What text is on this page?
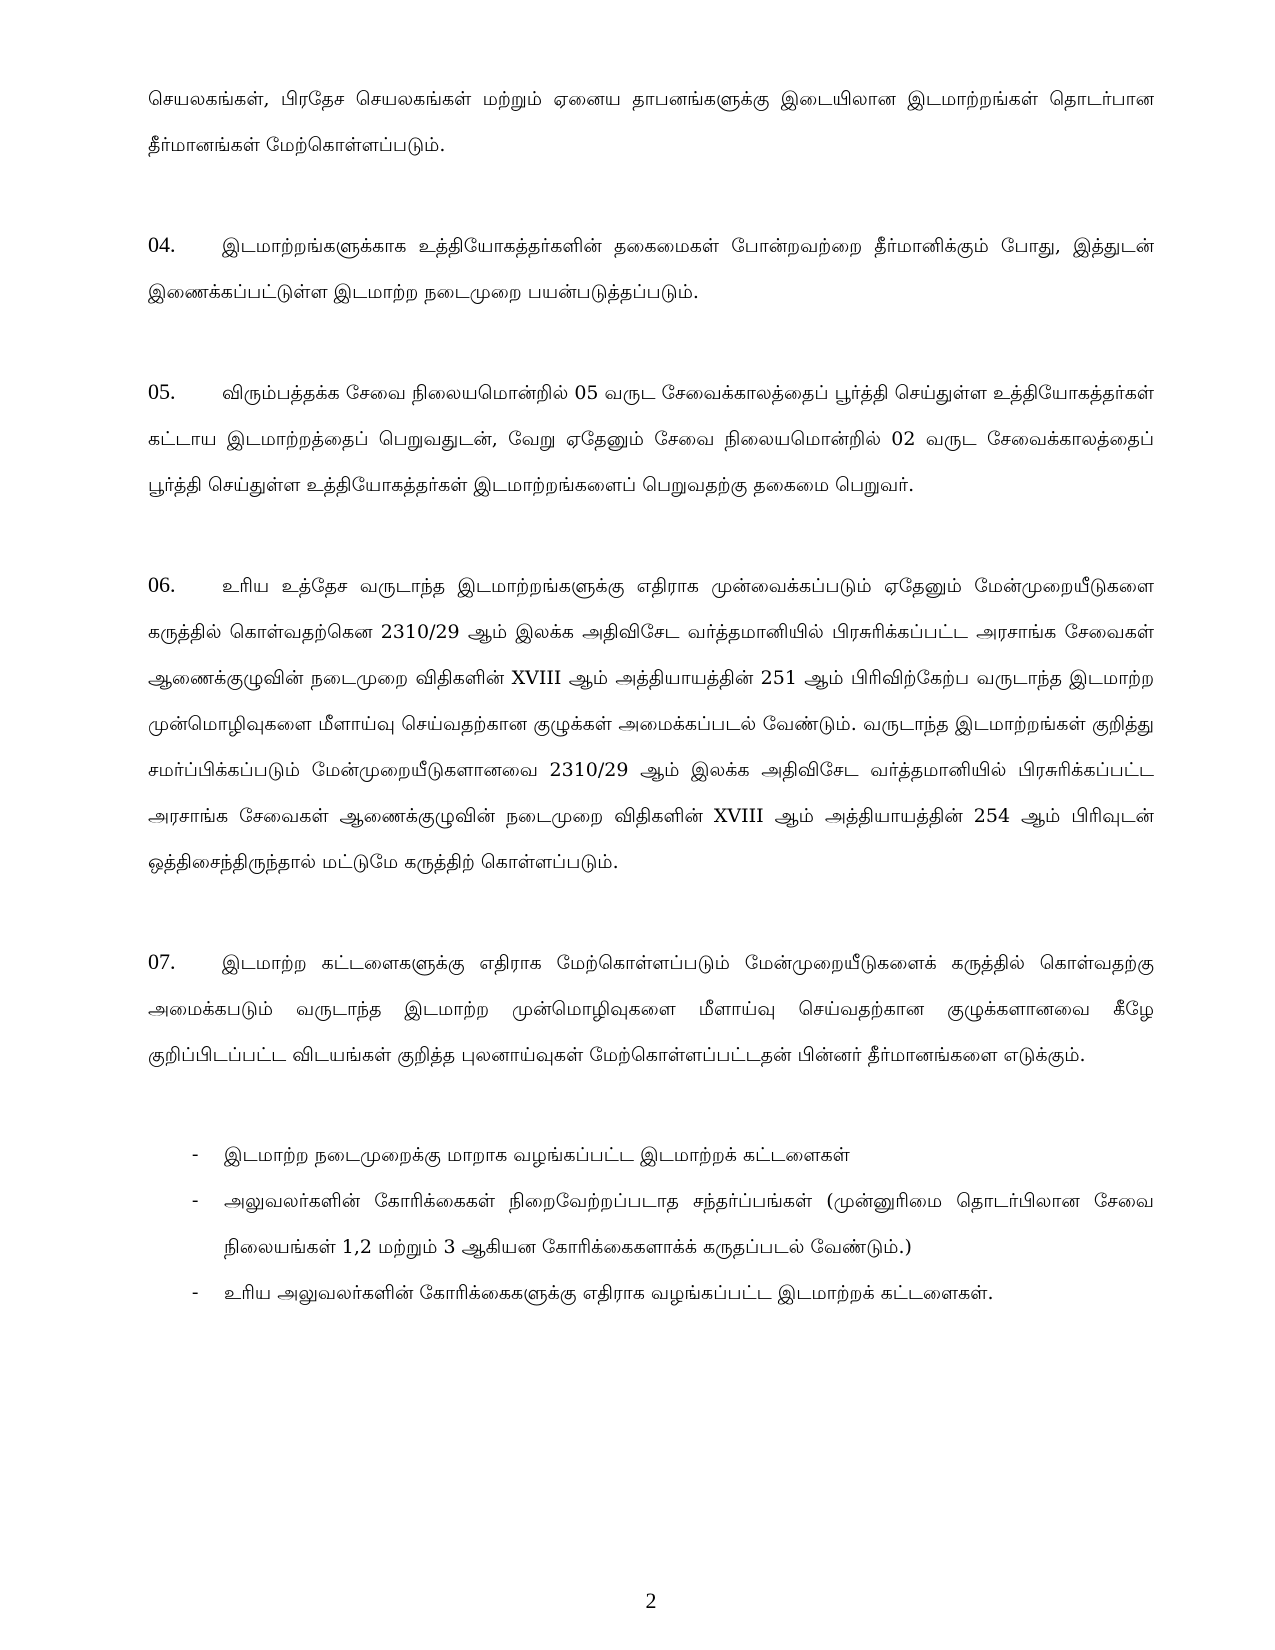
செயலகங்கள், பிரதேச செயலகங்கள் மற்றும் ஏனைய தாபனங்களுக்கு இடையிலான இடமாற்றங்கள் தொடர்பான தீர்மானங்கள் மேற்கொள்ளப்படும்.

04. இடமாற்றங்களுக்காக உத்தியோகத்தர்களின் தகைமைகள் போன்றவற்றை தீர்மானிக்கும் போது, இத்துடன் இணைக்கப்பட்டுள்ள இடமாற்ற நடைமுறை பயன்படுத்தப்படும்.

05. விரும்பத்தக்க சேவை நிலையமொன்றில் 05 வருட சேவைக்காலத்தைப் பூர்த்தி செய்துள்ள உத்தியோகத்தர்கள் கட்டாய இடமாற்றத்தைப் பெறுவதுடன், வேறு ஏதேனும் சேவை நிலையமொன்றில் 02 வருட சேவைக்காலத்தைப் பூர்த்தி செய்துள்ள உத்தியோகத்தர்கள் இடமாற்றங்களைப் பெறுவதற்கு தகைமை பெறுவர்.

06. உரிய உத்தேச வருடாந்த இடமாற்றங்களுக்கு எதிராக முன்வைக்கப்படும் ஏதேனும் மேன்முறையீடுகளை கருத்தில் கொள்வதற்கென 2310/29 ஆம் இலக்க அதிவிசேட வர்த்தமானியில் பிரசுரிக்கப்பட்ட அரசாங்க சேவைகள் ஆணைக்குழுவின் நடைமுறை விதிகளின் XVIII ஆம் அத்தியாயத்தின் 251 ஆம் பிரிவிற்கேற்ப வருடாந்த இடமாற்ற முன்மொழிவுகளை மீளாய்வு செய்வதற்கான குழுக்கள் அமைக்கப்படல் வேண்டும். வருடாந்த இடமாற்றங்கள் குறித்து சமர்ப்பிக்கப்படும் மேன்முறையீடுகளானவை 2310/29 ஆம் இலக்க அதிவிசேட வர்த்தமானியில் பிரசுரிக்கப்பட்ட அரசாங்க சேவைகள் ஆணைக்குழுவின் நடைமுறை விதிகளின் XVIII ஆம் அத்தியாயத்தின் 254 ஆம் பிரிவுடன் ஒத்திசைந்திருந்தால் மட்டுமே கருத்திற் கொள்ளப்படும்.

07. இடமாற்ற கட்டளைகளுக்கு எதிராக மேற்கொள்ளப்படும் மேன்முறையீடுகளைக் கருத்தில் கொள்வதற்கு அமைக்கபடும் வருடாந்த இடமாற்ற முன்மொழிவுகளை மீளாய்வு செய்வதற்கான குழுக்களானவை கீழே குறிப்பிடப்பட்ட விடயங்கள் குறித்த புலனாய்வுகள் மேற்கொள்ளப்பட்டதன் பின்னர் தீர்மானங்களை எடுக்கும்.

- இடமாற்ற நடைமுறைக்கு மாறாக வழங்கப்பட்ட இடமாற்றக் கட்டளைகள்
- அலுவலர்களின் கோரிக்கைகள் நிறைவேற்றப்படாத சந்தர்ப்பங்கள் (முன்னுரிமை தொடர்பிலான சேவை நிலையங்கள் 1,2 மற்றும் 3 ஆகியன கோரிக்கைகளாக்க் கருதப்படல் வேண்டும்.)
- உரிய அலுவலர்களின் கோரிக்கைகளுக்கு எதிராக வழங்கப்பட்ட இடமாற்றக் கட்டளைகள்.
2
